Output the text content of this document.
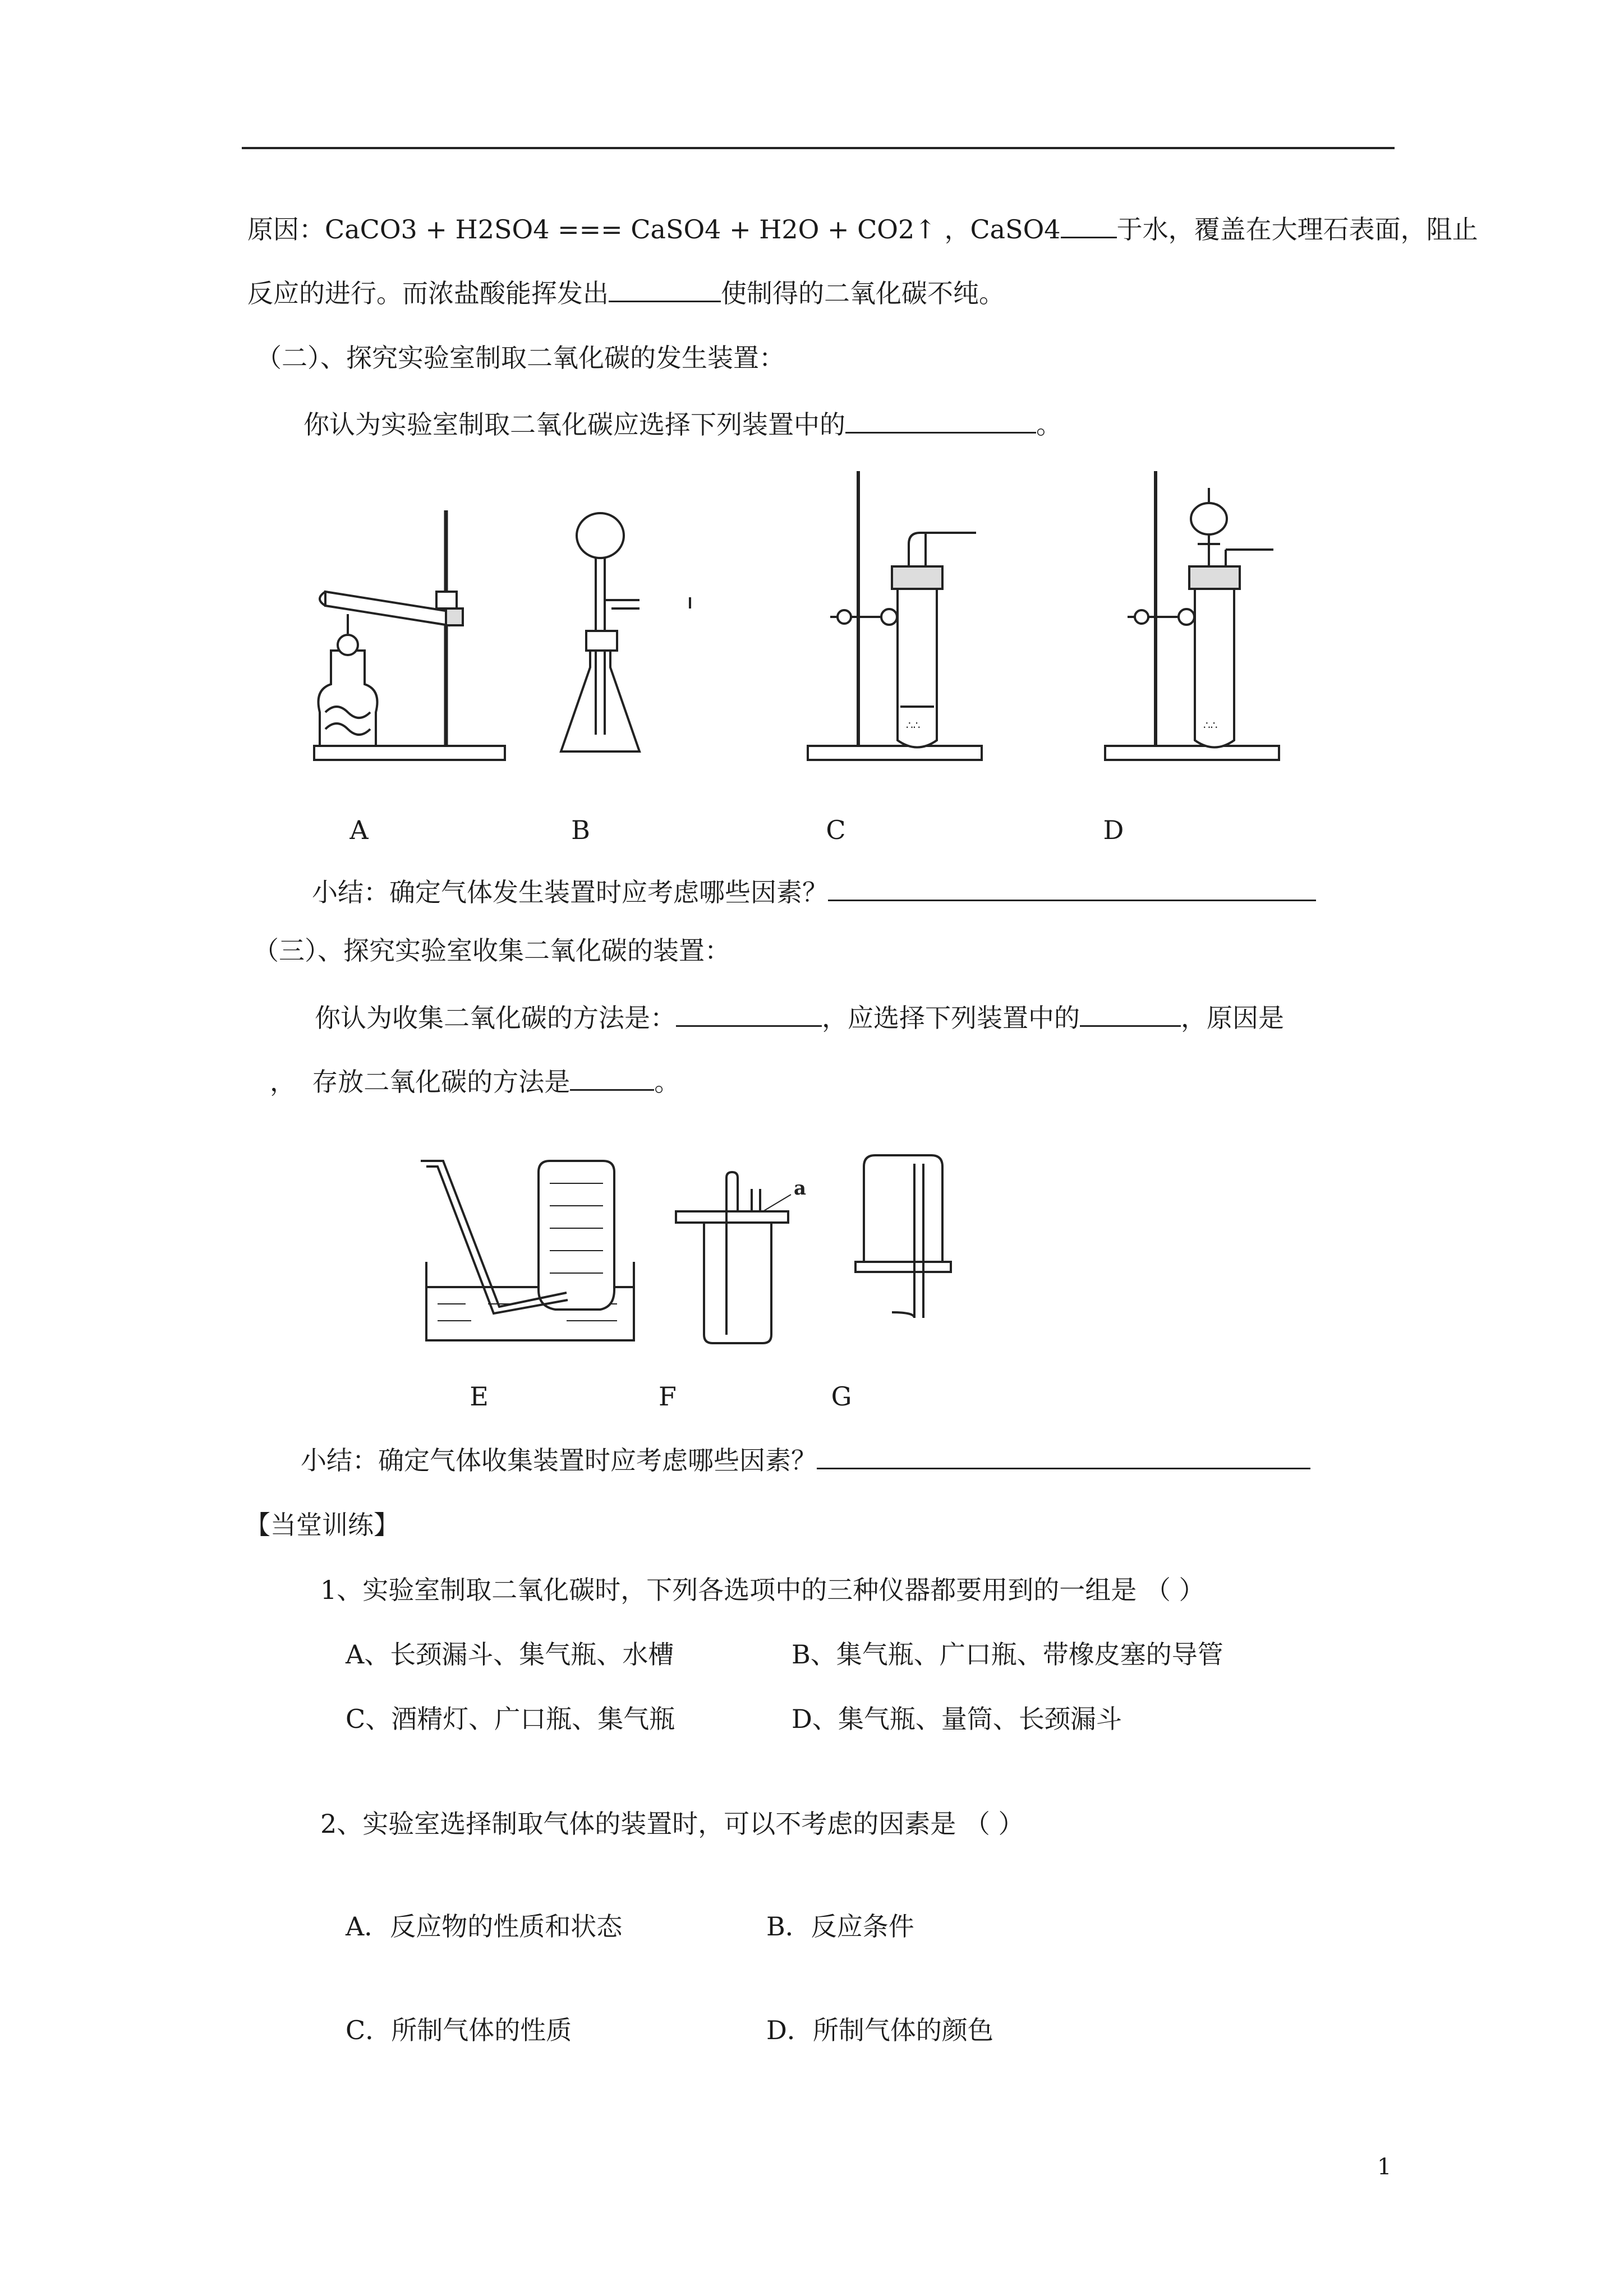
原因：CaCO3 + H2SO4 === CaSO4 + H2O + CO2↑ ，CaSO4 于水，覆盖在大理石表面，阻止
反应的进行。而浓盐酸能挥发出	使制得的二氧化碳不纯。
（二）、探究实验室制取二氧化碳的发生装置：
你认为实验室制取二氧化碳应选择下列装置中的	。
A	B
∴∴
C
∴∴
D
小结：确定气体发生装置时应考虑哪些因素？
（三）、探究实验室收集二氧化碳的装置：
你认为收集二氧化碳的方法是：	，应选择下列装置中的	，原因是
， 存放二氧化碳的方法是	。
E
a
F	G
小结：确定气体收集装置时应考虑哪些因素？
【当堂训练】
1、实验室制取二氧化碳时，下列各选项中的三种仪器都要用到的一组是 （ ）
A、长颈漏斗、集气瓶、水槽	B、集气瓶、广口瓶、带橡皮塞的导管
C、酒精灯、广口瓶、集气瓶	D、集气瓶、量筒、长颈漏斗
2、实验室选择制取气体的装置时，可以不考虑的因素是 （ ）
A．反应物的性质和状态	B．反应条件
C．所制气体的性质	D．所制气体的颜色
1
